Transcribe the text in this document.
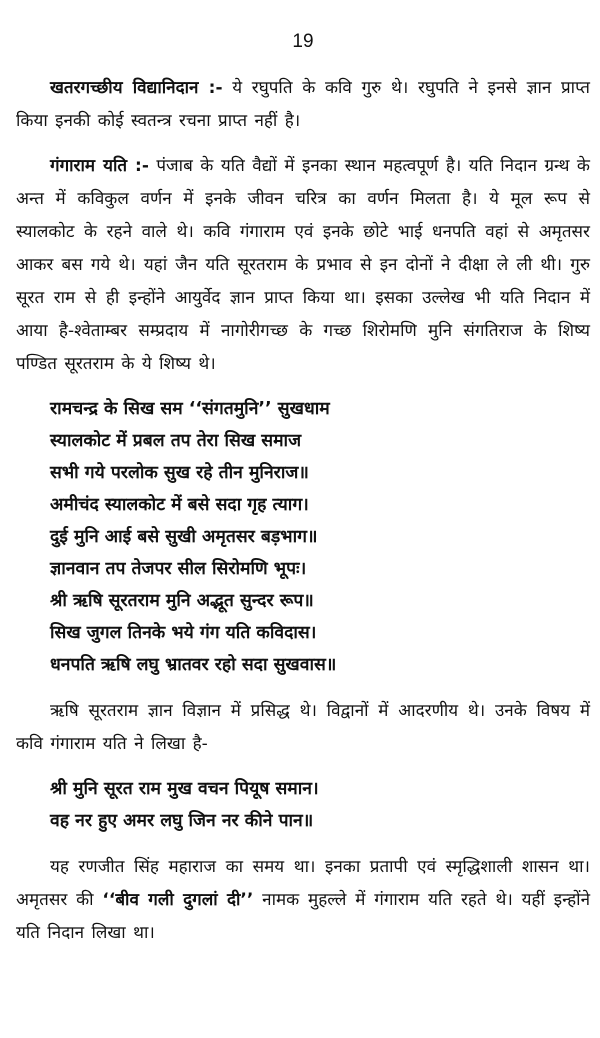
19

खतरगच्छीय विद्यानिदान :- ये रघुपति के कवि गुरु थे। रघुपति ने इनसे ज्ञान प्राप्त किया इनकी कोई स्वतन्त्र रचना प्राप्त नहीं है।

गंगाराम यति :- पंजाब के यति वैद्यों में इनका स्थान महत्वपूर्ण है। यति निदान ग्रन्थ के अन्त में कविकुल वर्णन में इनके जीवन चरित्र का वर्णन मिलता है। ये मूल रूप से स्यालकोट के रहने वाले थे। कवि गंगाराम एवं इनके छोटे भाई धनपति वहां से अमृतसर आकर बस गये थे। यहां जैन यति सूरतराम के प्रभाव से इन दोनों ने दीक्षा ले ली थी। गुरु सूरत राम से ही इन्होंने आयुर्वेद ज्ञान प्राप्त किया था। इसका उल्लेख भी यति निदान में आया है-श्वेताम्बर सम्प्रदाय में नागोरीगच्छ के गच्छ शिरोमणि मुनि संगतिराज के शिष्य पण्डित सूरतराम के ये शिष्य थे।

रामचन्द्र के सिख सम ‘‘संगतमुनि’’ सुखधाम
स्यालकोट में प्रबल तप तेरा सिख समाज
सभी गये परलोक सुख रहे तीन मुनिराज॥
अमीचंद स्यालकोट में बसे सदा गृह त्याग।
दुई मुनि आई बसे सुखी अमृतसर बड़भाग॥
ज्ञानवान तप तेजपर सील सिरोमणि भूपः।
श्री ऋषि सूरतराम मुनि अद्भूत सुन्दर रूप॥
सिख जुगल तिनके भये गंग यति कविदास।
धनपति ऋषि लघु भ्रातवर रहो सदा सुखवास॥

ऋषि सूरतराम ज्ञान विज्ञान में प्रसिद्ध थे। विद्वानों में आदरणीय थे। उनके विषय में कवि गंगाराम यति ने लिखा है-

श्री मुनि सूरत राम मुख वचन पियूष समान।
वह नर हुए अमर लघु जिन नर कीने पान॥

यह रणजीत सिंह महाराज का समय था। इनका प्रतापी एवं स्मृद्धिशाली शासन था। अमृतसर की ‘‘बीव गली दुगलां दी’’ नामक मुहल्ले में गंगाराम यति रहते थे। यहीं इन्होंने यति निदान लिखा था।
